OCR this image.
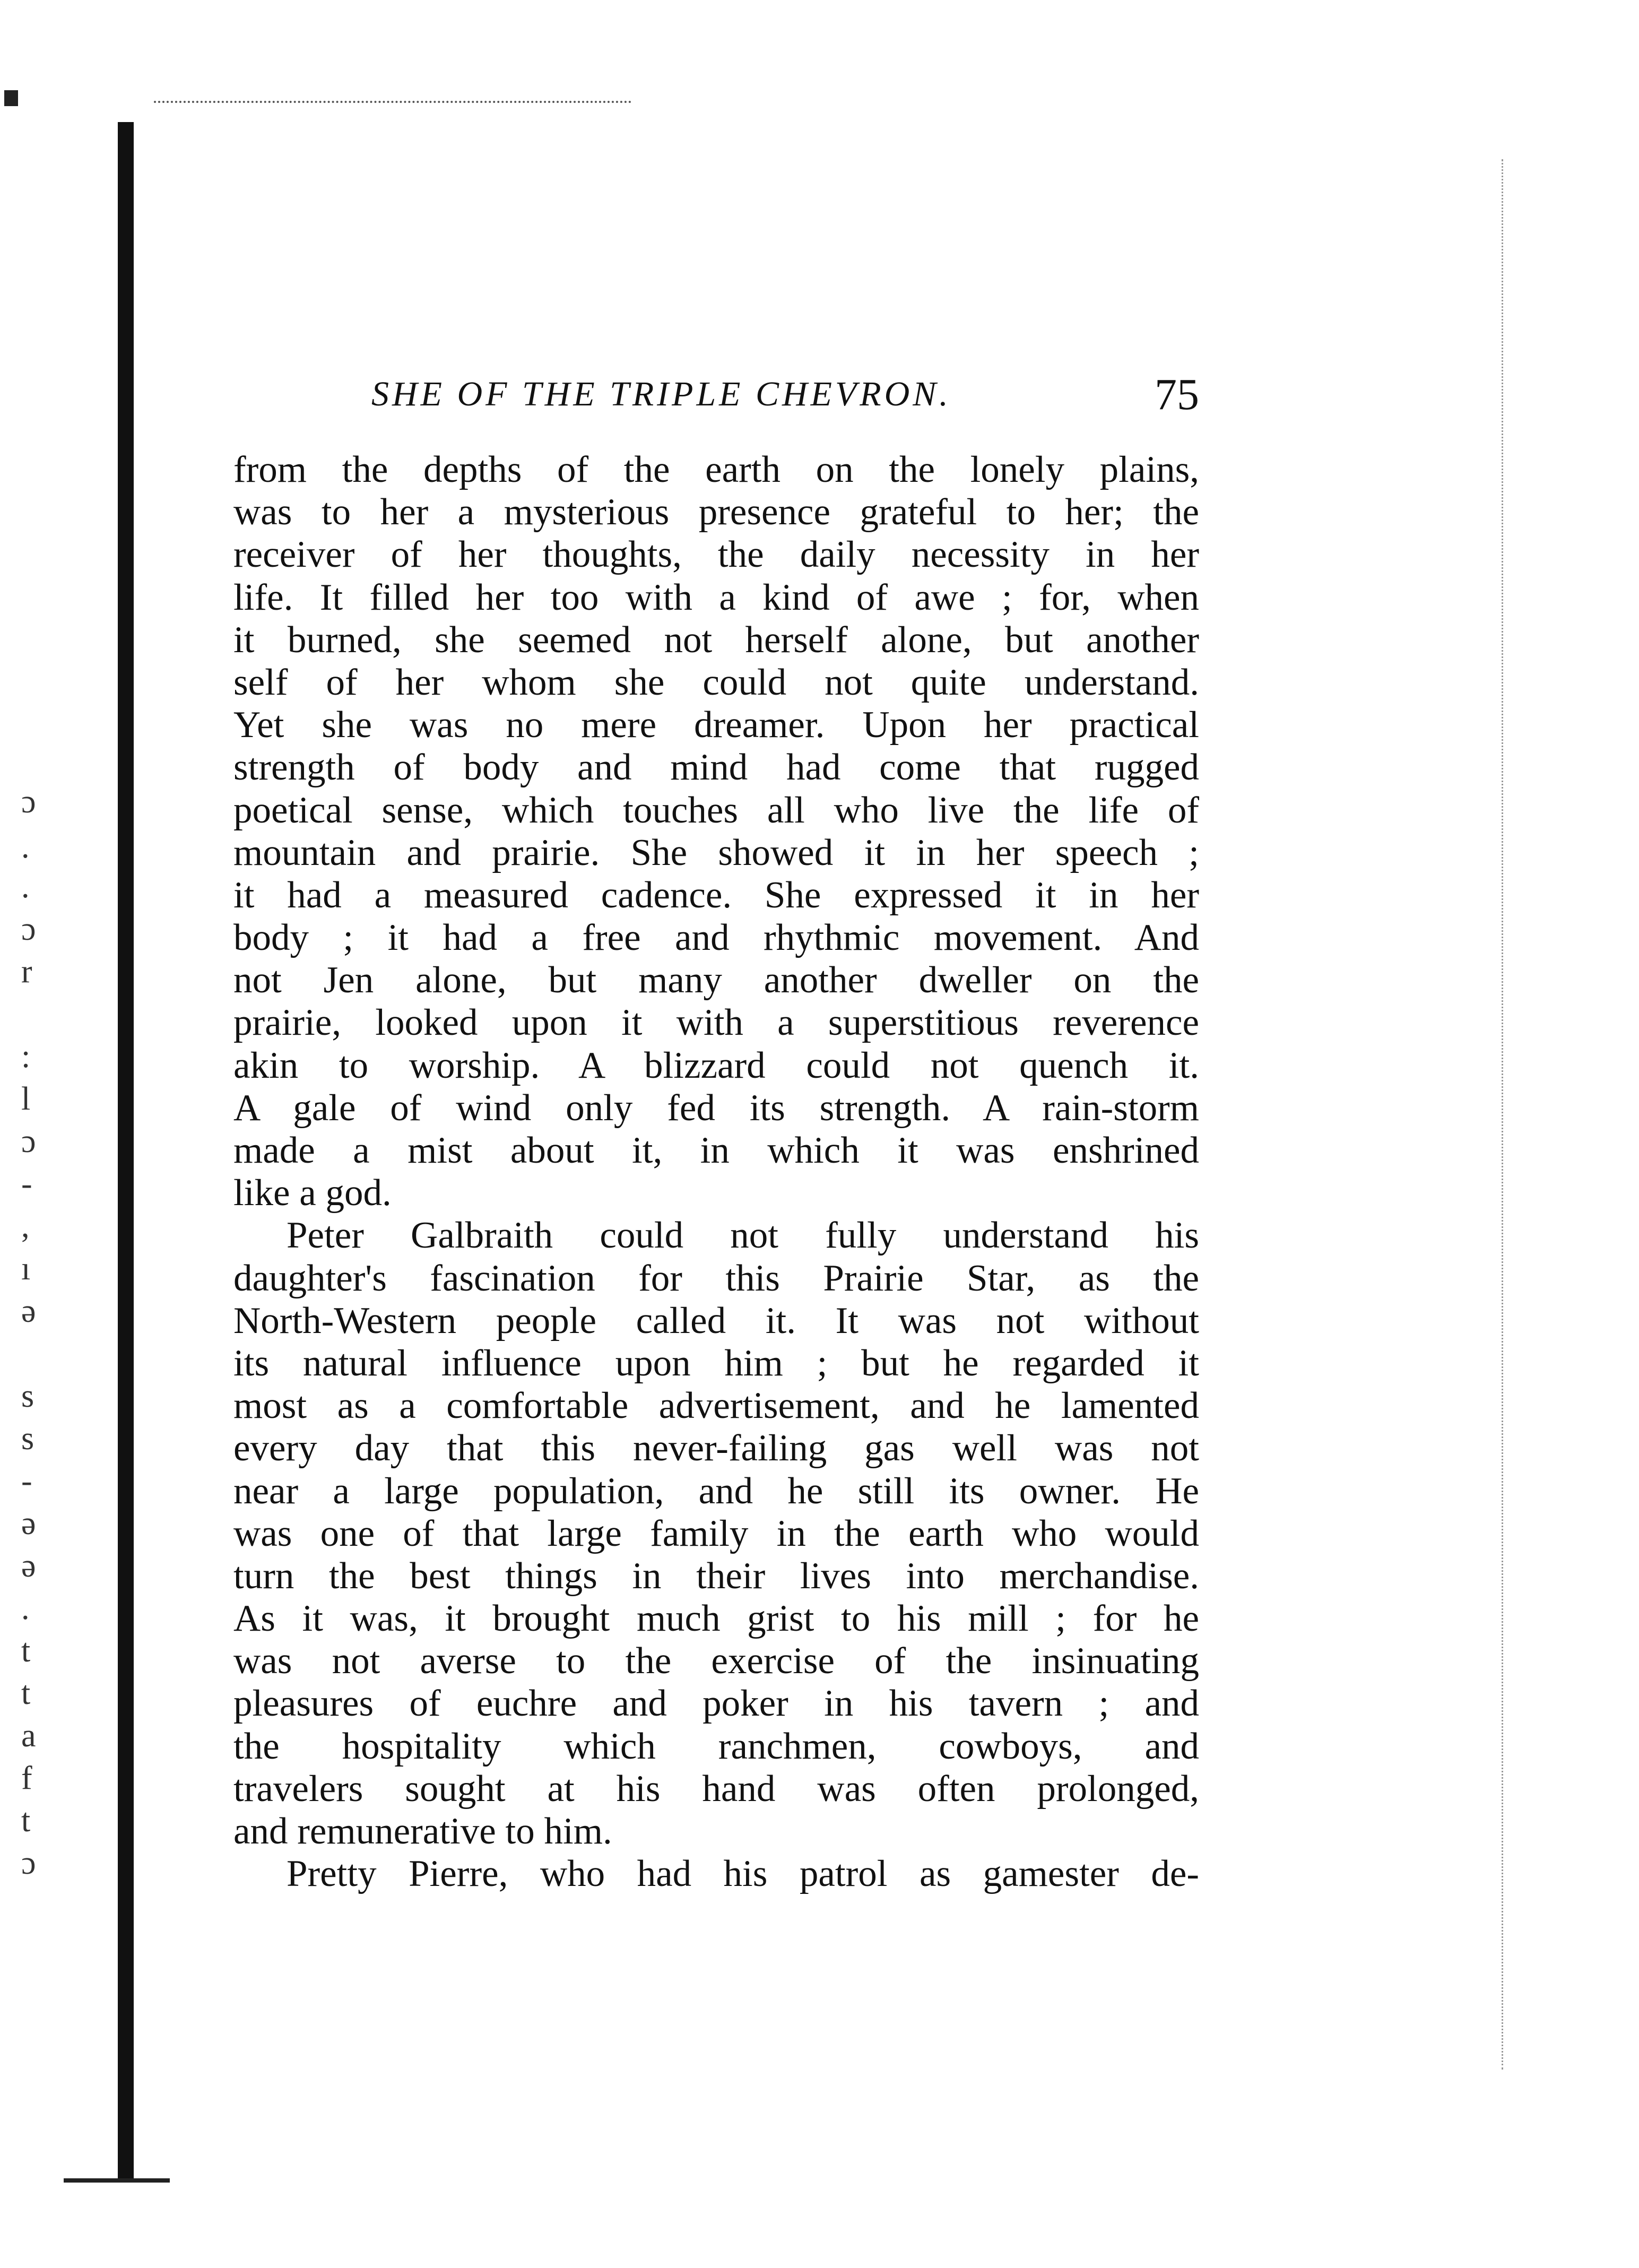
ɔ
.
.
ɔ
r
:
l
ɔ
-
,
ı
ə
s
s
-
ə
ə
.
t
t
a
f
t
ɔ
SHE OF THE TRIPLE CHEVRON.	75
from the depths of the earth on the lonely plains,
was to her a mysterious presence grateful to her; the
receiver of her thoughts, the daily necessity in her
life. It filled her too with a kind of awe ; for, when
it burned, she seemed not herself alone, but another
self of her whom she could not quite understand.
Yet she was no mere dreamer. Upon her practical
strength of body and mind had come that rugged
poetical sense, which touches all who live the life of
mountain and prairie. She showed it in her speech ;
it had a measured cadence. She expressed it in her
body ; it had a free and rhythmic movement. And
not Jen alone, but many another dweller on the
prairie, looked upon it with a superstitious reverence
akin to worship. A blizzard could not quench it.
A gale of wind only fed its strength. A rain-storm
made a mist about it, in which it was enshrined
like a god.
Peter Galbraith could not fully understand his
daughter's fascination for this Prairie Star, as the
North-Western people called it. It was not without
its natural influence upon him ; but he regarded it
most as a comfortable advertisement, and he lamented
every day that this never-failing gas well was not
near a large population, and he still its owner. He
was one of that large family in the earth who would
turn the best things in their lives into merchandise.
As it was, it brought much grist to his mill ; for he
was not averse to the exercise of the insinuating
pleasures of euchre and poker in his tavern ; and
the hospitality which ranchmen, cowboys, and
travelers sought at his hand was often prolonged,
and remunerative to him.
Pretty Pierre, who had his patrol as gamester de-
